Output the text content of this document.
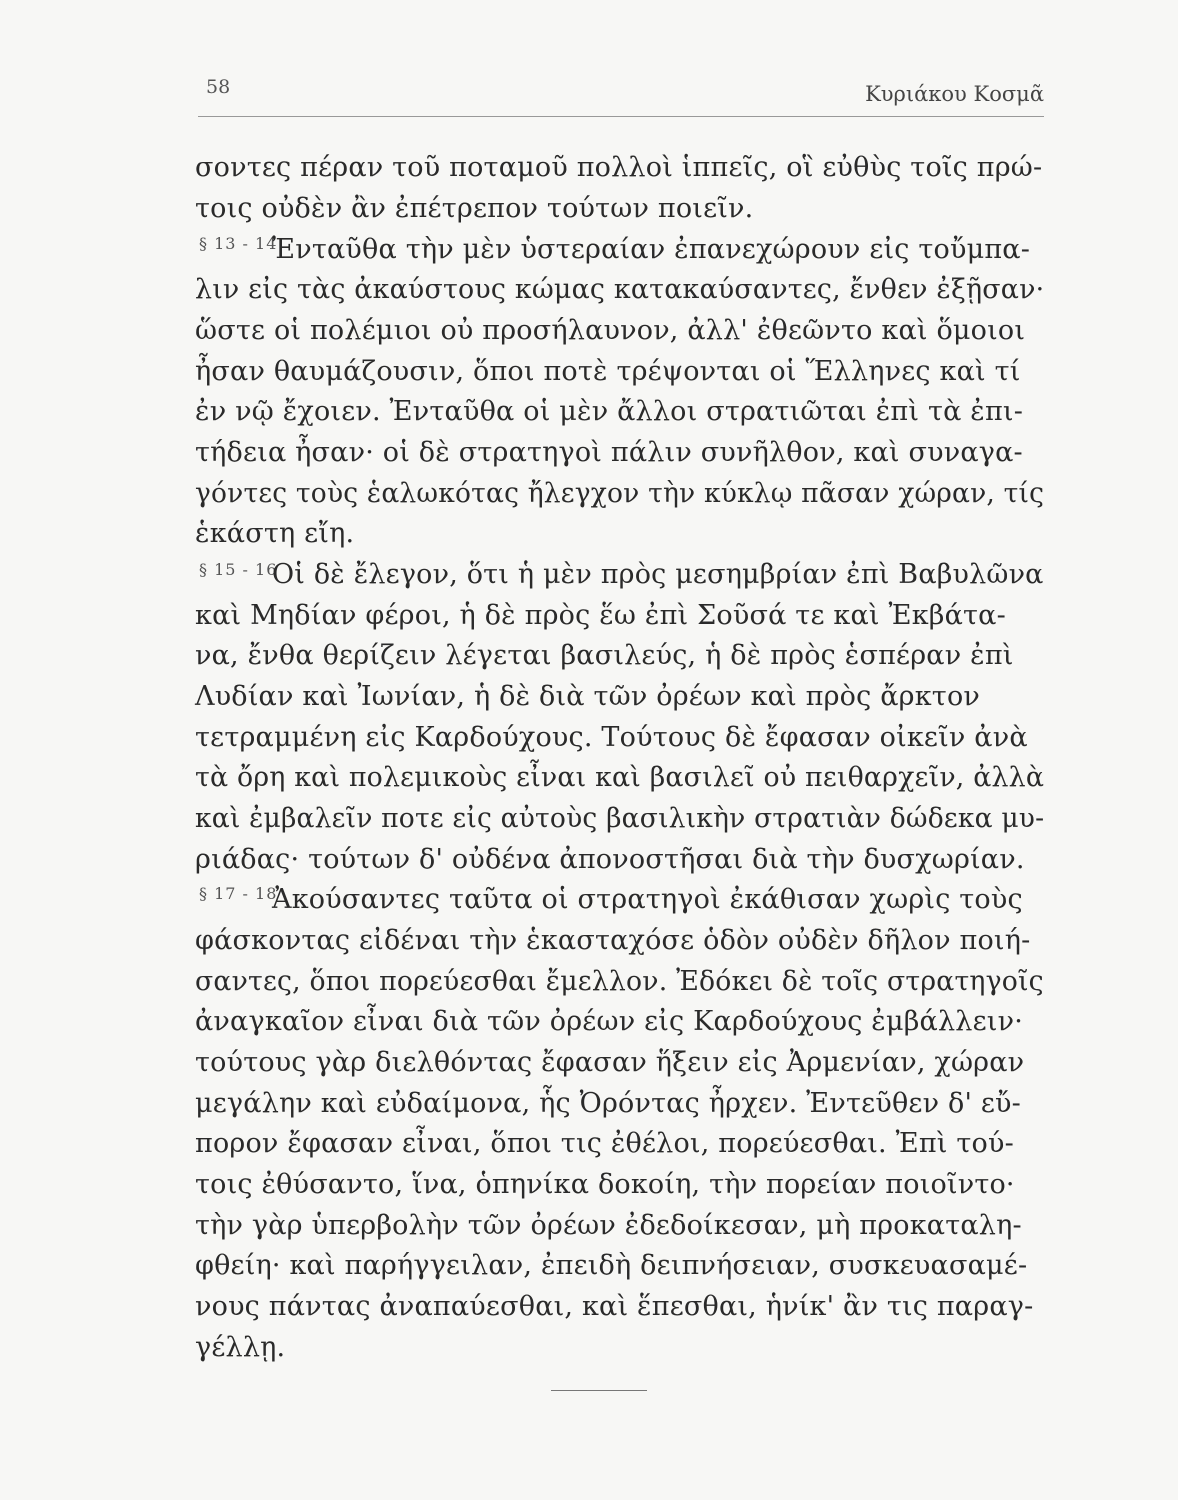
58	Κυριάκου Κοσμᾶ
§ 13 - 14
§ 15 - 16
§ 17 - 18
σοντες πέραν τοῦ ποταμοῦ πολλοὶ ἱππεῖς, οἳ εὐθὺς τοῖς πρώ-
τοις οὐδὲν ἂν ἐπέτρεπον τούτων ποιεῖν.
Ἐνταῦθα τὴν μὲν ὑστεραίαν ἐπανεχώρουν εἰς τοὔμπα-
λιν εἰς τὰς ἀκαύστους κώμας κατακαύσαντες, ἔνθεν ἐξῇσαν·
ὥστε οἱ πολέμιοι οὐ προσήλαυνον, ἀλλ' ἐθεῶντο καὶ ὅμοιοι
ἦσαν θαυμάζουσιν, ὅποι ποτὲ τρέψονται οἱ Ἕλληνες καὶ τί
ἐν νῷ ἔχοιεν. Ἐνταῦθα οἱ μὲν ἄλλοι στρατιῶται ἐπὶ τὰ ἐπι-
τήδεια ἦσαν· οἱ δὲ στρατηγοὶ πάλιν συνῆλθον, καὶ συναγα-
γόντες τοὺς ἑαλωκότας ἤλεγχον τὴν κύκλῳ πᾶσαν χώραν, τίς
ἑκάστη εἴη.
Οἱ δὲ ἔλεγον, ὅτι ἡ μὲν πρὸς μεσημβρίαν ἐπὶ Βαβυλῶνα
καὶ Μηδίαν φέροι, ἡ δὲ πρὸς ἕω ἐπὶ Σοῦσά τε καὶ Ἐκβάτα-
να, ἔνθα θερίζειν λέγεται βασιλεύς, ἡ δὲ πρὸς ἑσπέραν ἐπὶ
Λυδίαν καὶ Ἰωνίαν, ἡ δὲ διὰ τῶν ὀρέων καὶ πρὸς ἄρκτον
τετραμμένη εἰς Καρδούχους. Τούτους δὲ ἔφασαν οἰκεῖν ἀνὰ
τὰ ὄρη καὶ πολεμικοὺς εἶναι καὶ βασιλεῖ οὐ πειθαρχεῖν, ἀλλὰ
καὶ ἐμβαλεῖν ποτε εἰς αὐτοὺς βασιλικὴν στρατιὰν δώδεκα μυ-
ριάδας· τούτων δ' οὐδένα ἀπονοστῆσαι διὰ τὴν δυσχωρίαν.
Ἀκούσαντες ταῦτα οἱ στρατηγοὶ ἐκάθισαν χωρὶς τοὺς
φάσκοντας εἰδέναι τὴν ἑκασταχόσε ὁδὸν οὐδὲν δῆλον ποιή-
σαντες, ὅποι πορεύεσθαι ἔμελλον. Ἐδόκει δὲ τοῖς στρατηγοῖς
ἀναγκαῖον εἶναι διὰ τῶν ὀρέων εἰς Καρδούχους ἐμβάλλειν·
τούτους γὰρ διελθόντας ἔφασαν ἥξειν εἰς Ἀρμενίαν, χώραν
μεγάλην καὶ εὐδαίμονα, ἧς Ὀρόντας ἦρχεν. Ἐντεῦθεν δ' εὔ-
πορον ἔφασαν εἶναι, ὅποι τις ἐθέλοι, πορεύεσθαι. Ἐπὶ τού-
τοις ἐθύσαντο, ἵνα, ὁπηνίκα δοκοίη, τὴν πορείαν ποιοῖντο·
τὴν γὰρ ὑπερβολὴν τῶν ὀρέων ἐδεδοίκεσαν, μὴ προκαταλη-
φθείη· καὶ παρήγγειλαν, ἐπειδὴ δειπνήσειαν, συσκευασαμέ-
νους πάντας ἀναπαύεσθαι, καὶ ἕπεσθαι, ἡνίκ' ἂν τις παραγ-
γέλλῃ.
